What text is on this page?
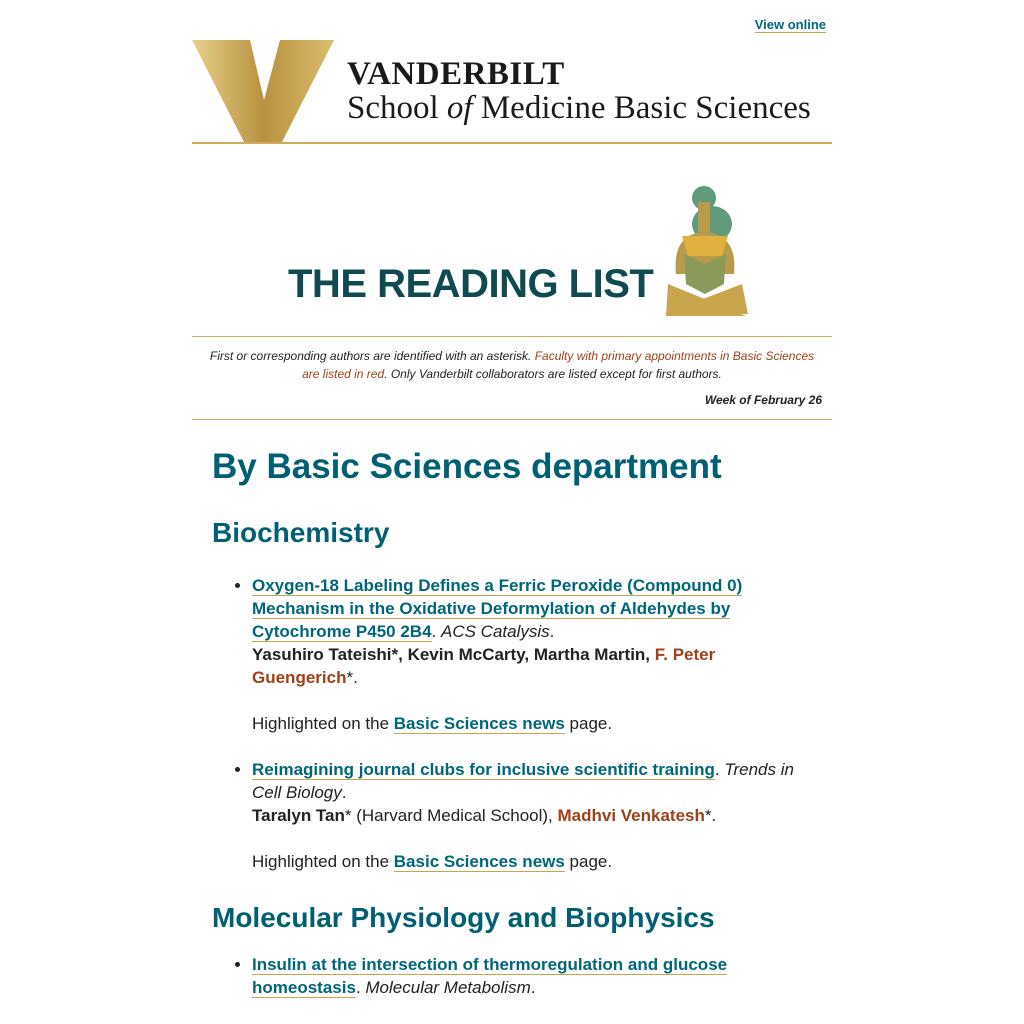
View online
VANDERBILT
School of Medicine Basic Sciences
THE READING LIST
First or corresponding authors are identified with an asterisk. Faculty with primary appointments in Basic Sciences are listed in red. Only Vanderbilt collaborators are listed except for first authors.
Week of February 26
By Basic Sciences department
Biochemistry
• Oxygen-18 Labeling Defines a Ferric Peroxide (Compound 0) Mechanism in the Oxidative Deformylation of Aldehydes by Cytochrome P450 2B4. ACS Catalysis.
Yasuhiro Tateishi*, Kevin McCarty, Martha Martin, F. Peter Guengerich*.
Highlighted on the Basic Sciences news page.
• Reimagining journal clubs for inclusive scientific training. Trends in Cell Biology.
Taralyn Tan* (Harvard Medical School), Madhvi Venkatesh*.
Highlighted on the Basic Sciences news page.
Molecular Physiology and Biophysics
• Insulin at the intersection of thermoregulation and glucose homeostasis. Molecular Metabolism.
